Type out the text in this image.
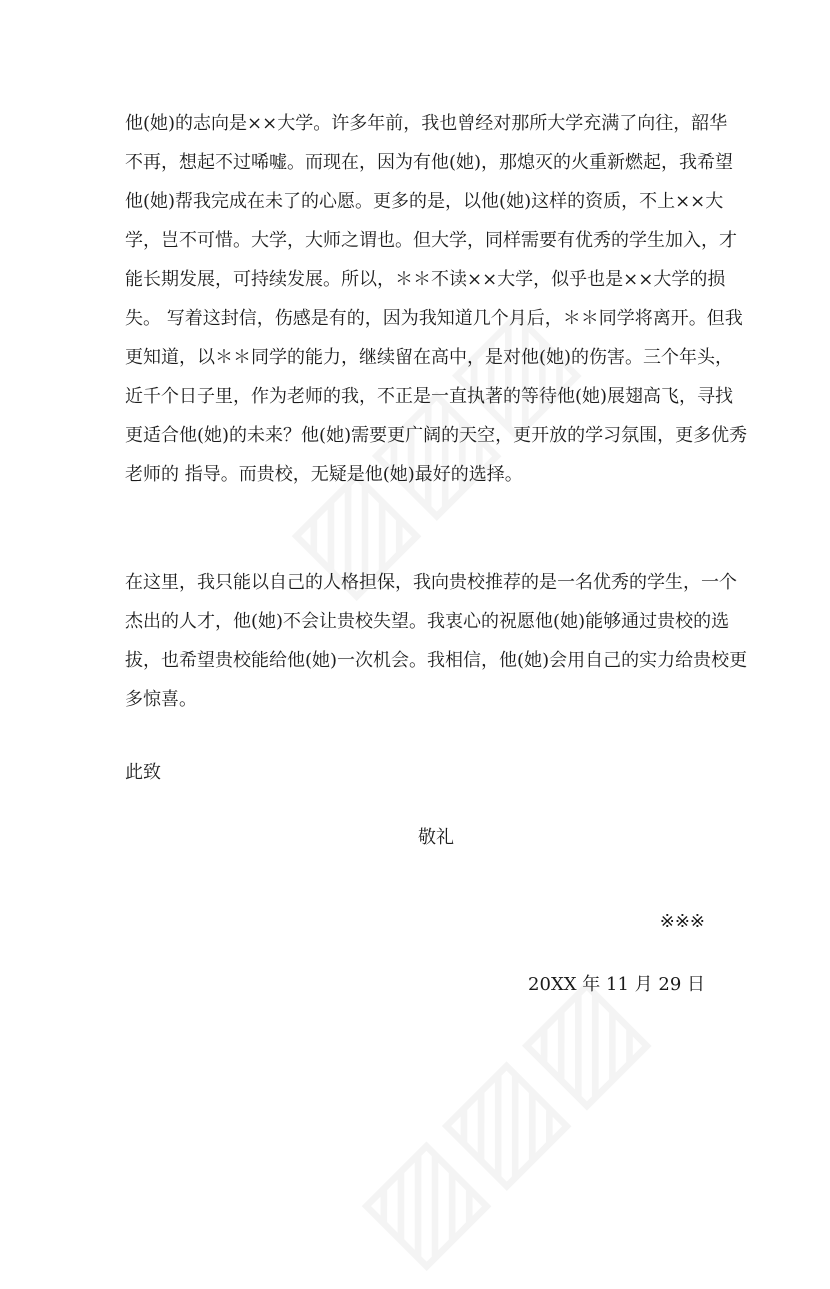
他(她)的志向是××大学。许多年前，我也曾经对那所大学充满了向往，韶华
不再，想起不过唏嘘。而现在，因为有他(她)，那熄灭的火重新燃起，我希望
他(她)帮我完成在未了的心愿。更多的是，以他(她)这样的资质，不上××大
学，岂不可惜。大学，大师之谓也。但大学，同样需要有优秀的学生加入，才
能长期发展，可持续发展。所以，＊＊不读××大学，似乎也是××大学的损
失。 写着这封信，伤感是有的，因为我知道几个月后，＊＊同学将离开。但我
更知道，以＊＊同学的能力，继续留在高中，是对他(她)的伤害。三个年头，
近千个日子里，作为老师的我，不正是一直执著的等待他(她)展翅高飞，寻找
更适合他(她)的未来？他(她)需要更广阔的天空，更开放的学习氛围，更多优秀
老师的 指导。而贵校，无疑是他(她)最好的选择。
在这里，我只能以自己的人格担保，我向贵校推荐的是一名优秀的学生，一个
杰出的人才，他(她)不会让贵校失望。我衷心的祝愿他(她)能够通过贵校的选
拔，也希望贵校能给他(她)一次机会。我相信，他(她)会用自己的实力给贵校更
多惊喜。

此致

敬礼

※※※

20XX 年 11 月 29 日
